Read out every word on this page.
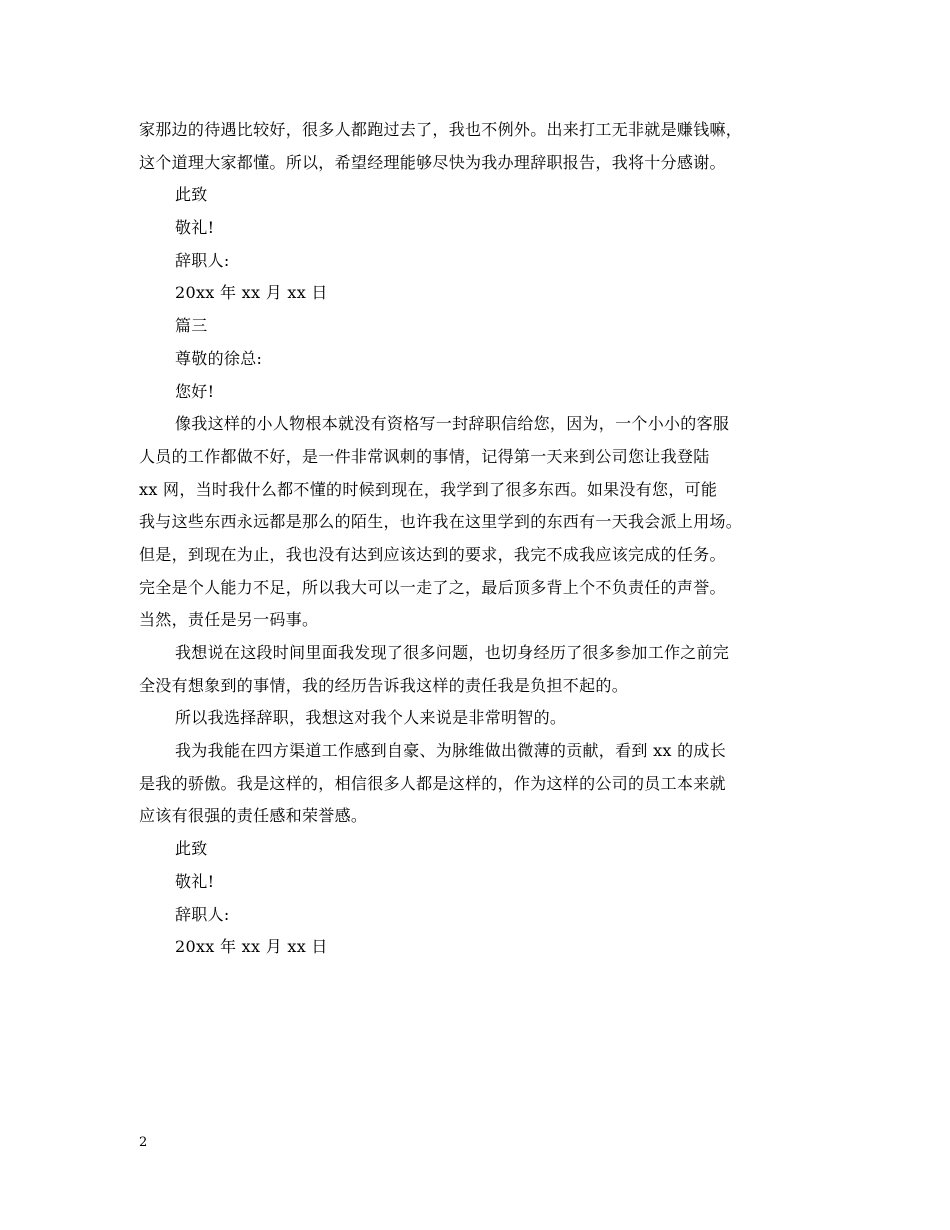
家那边的待遇比较好，很多人都跑过去了，我也不例外。出来打工无非就是赚钱嘛，
这个道理大家都懂。所以，希望经理能够尽快为我办理辞职报告，我将十分感谢。
此致
敬礼!
辞职人:
20xx 年 xx 月 xx 日
篇三
尊敬的徐总:
您好!
像我这样的小人物根本就没有资格写一封辞职信给您，因为，一个小小的客服
人员的工作都做不好，是一件非常讽刺的事情，记得第一天来到公司您让我登陆
xx 网，当时我什么都不懂的时候到现在，我学到了很多东西。如果没有您，可能
我与这些东西永远都是那么的陌生，也许我在这里学到的东西有一天我会派上用场。
但是，到现在为止，我也没有达到应该达到的要求，我完不成我应该完成的任务。
完全是个人能力不足，所以我大可以一走了之，最后顶多背上个不负责任的声誉。
当然，责任是另一码事。
我想说在这段时间里面我发现了很多问题，也切身经历了很多参加工作之前完
全没有想象到的事情，我的经历告诉我这样的责任我是负担不起的。
所以我选择辞职，我想这对我个人来说是非常明智的。
我为我能在四方渠道工作感到自豪、为脉维做出微薄的贡献，看到 xx 的成长
是我的骄傲。我是这样的，相信很多人都是这样的，作为这样的公司的员工本来就
应该有很强的责任感和荣誉感。
此致
敬礼!
辞职人:
20xx 年 xx 月 xx 日
2
